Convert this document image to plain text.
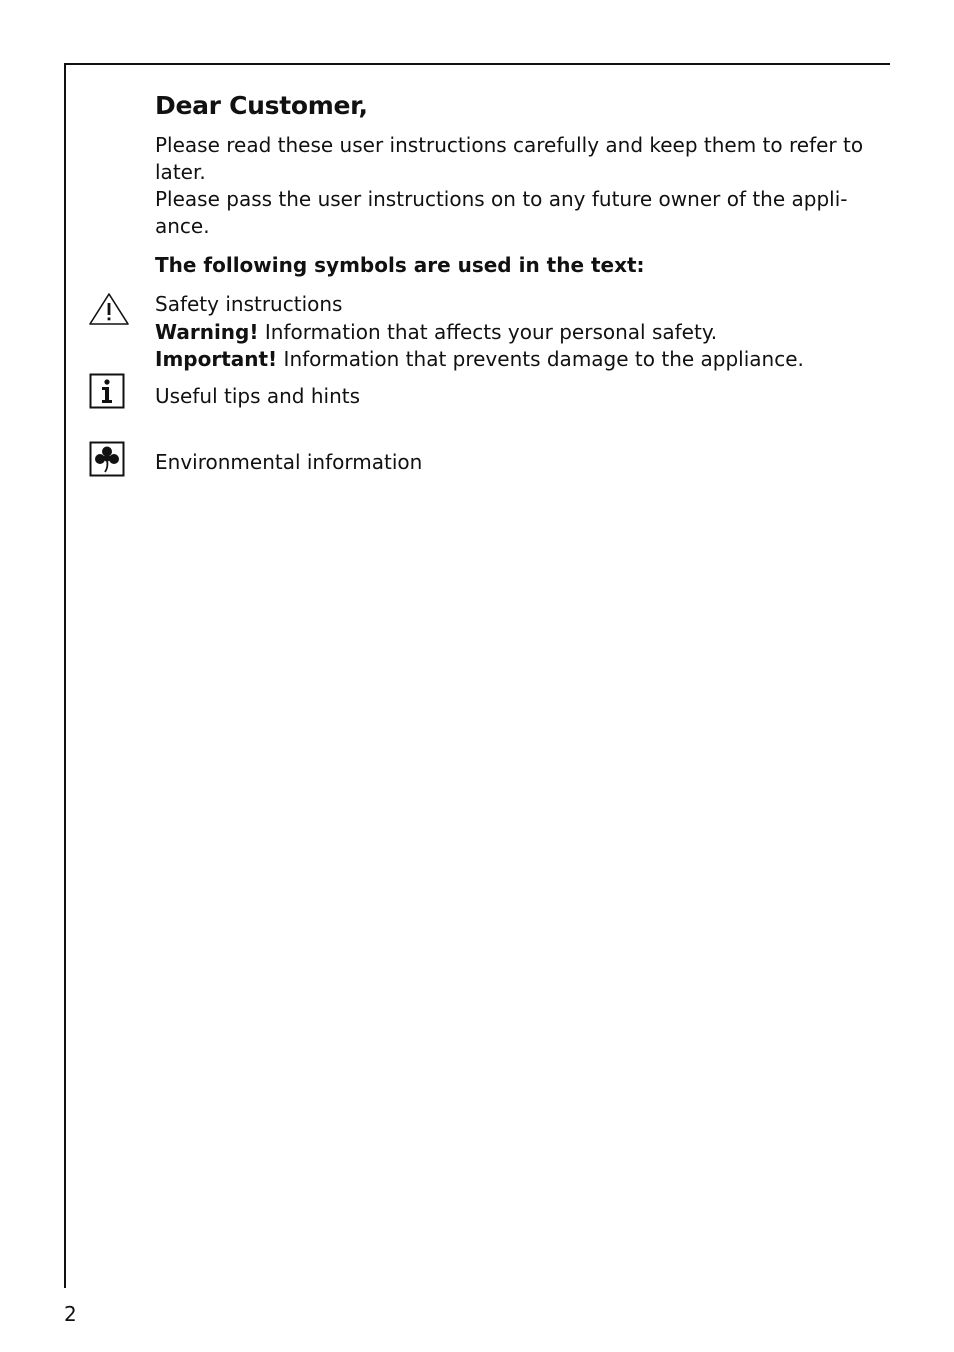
Dear Customer,

Please read these user instructions carefully and keep them to refer to
later.
Please pass the user instructions on to any future owner of the appli-
ance.

The following symbols are used in the text:

Safety instructions
Warning! Information that affects your personal safety.
Important! Information that prevents damage to the appliance.
Useful tips and hints
Environmental information
2
